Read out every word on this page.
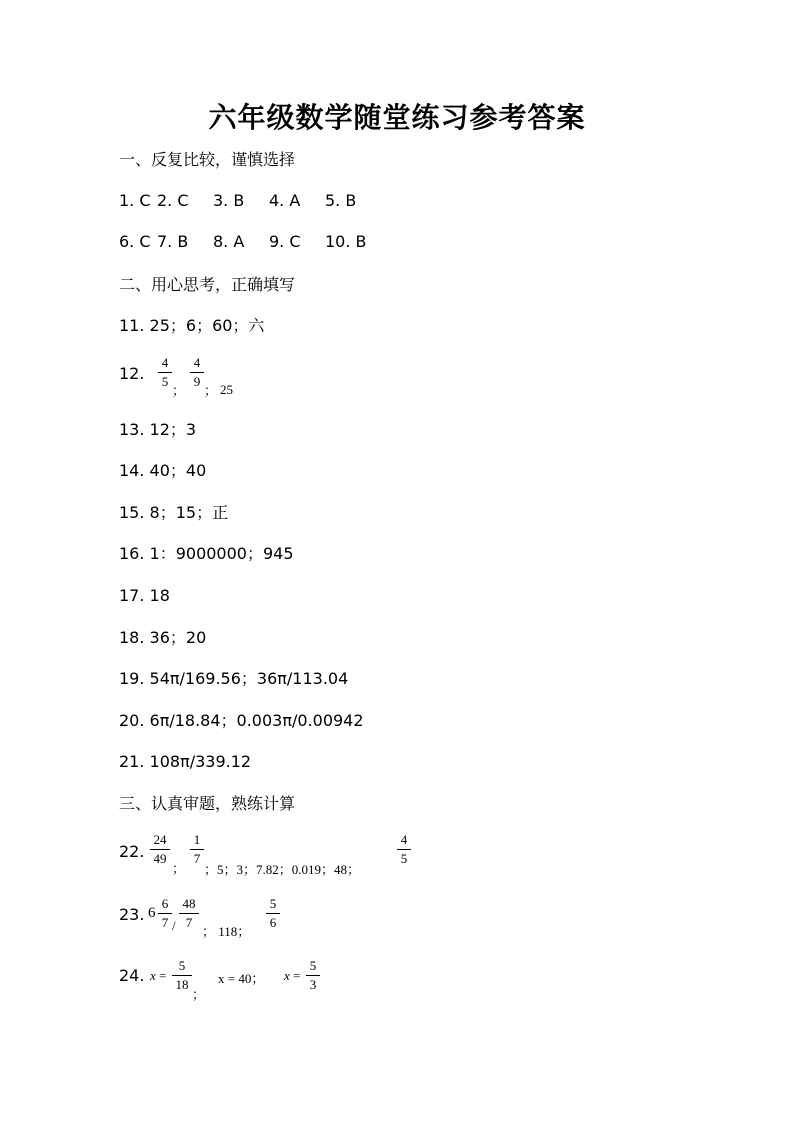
六年级数学随堂练习参考答案
一、反复比较，谨慎选择
1. C 2. C 3. B 4. A 5. B
6. C 7. B 8. A 9. C 10. B
二、用心思考，正确填写
11. 25；6；60；六
12.
4
5
；
4
9
； 25
13. 12；3
14. 40；40
15. 8；15；正
16. 1：9000000；945
17. 18
18. 36；20
19. 54π/169.56；36π/113.04
20. 6π/18.84；0.003π/0.00942
21. 108π/339.12
三、认真审题，熟练计算
22.
24
49
；
1
7
；5；3；7.82；0.019；48；
4
5
23. 6
6
7 /
48
7
； 118；
5
6
24. x =
5
18
；
x = 40； x =
5
3
